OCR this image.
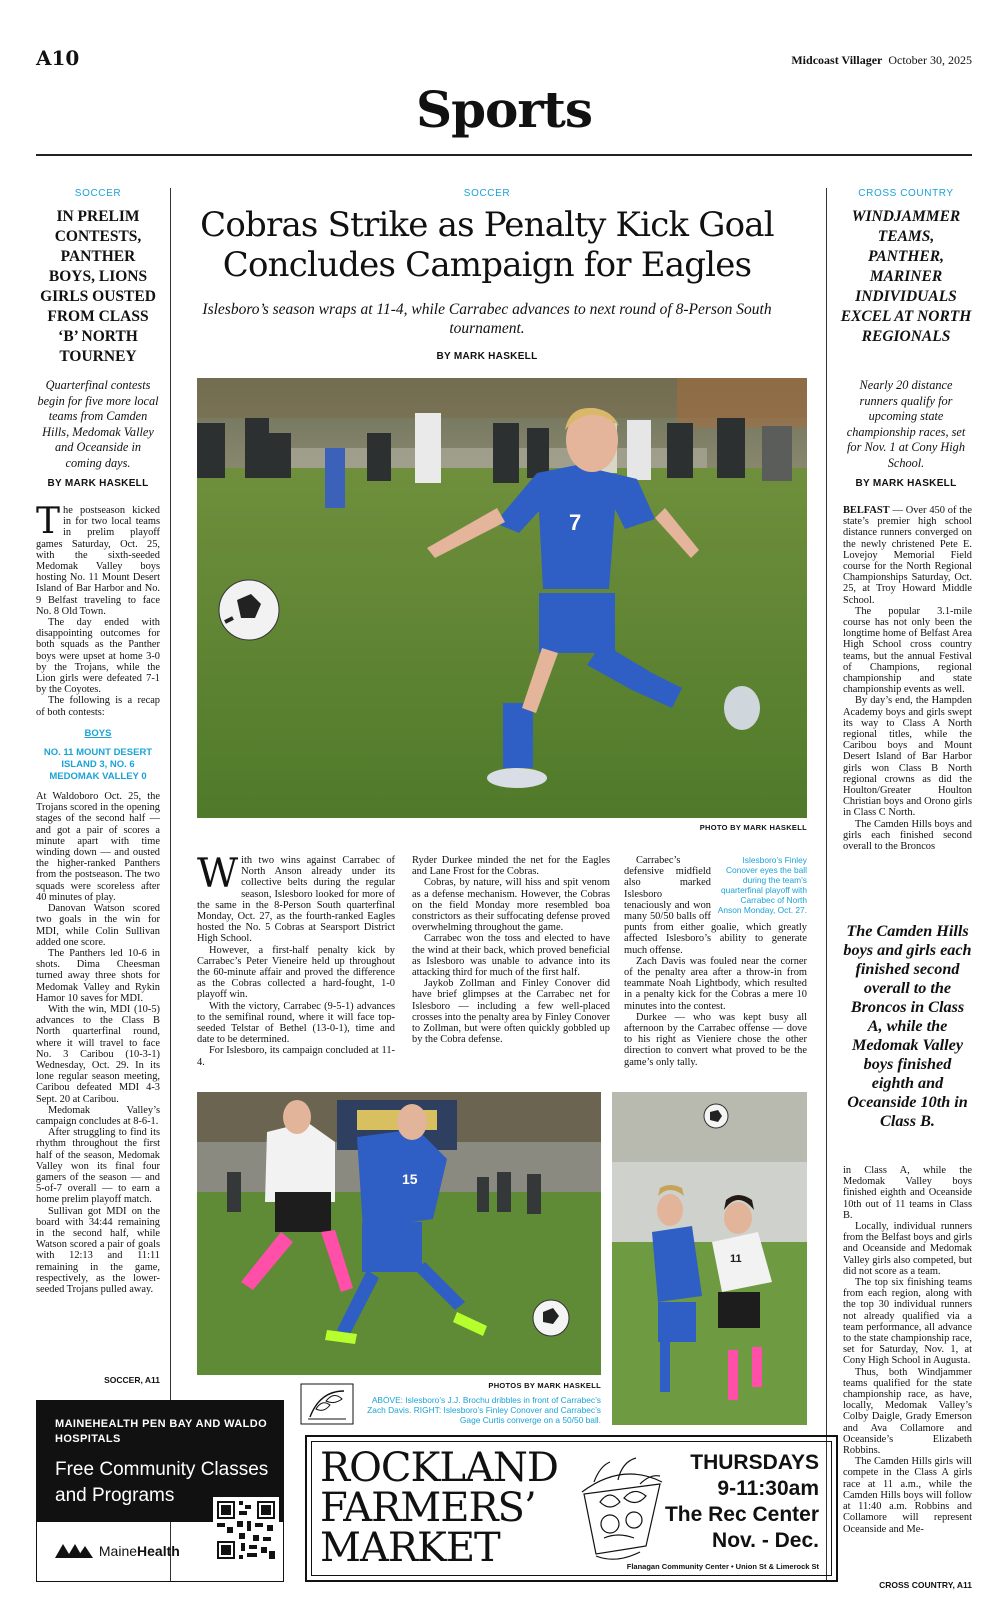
A10	Midcoast Villager October 30, 2025
Sports
SOCCER
IN PRELIM CONTESTS, PANTHER BOYS, LIONS GIRLS OUSTED FROM CLASS ‘B’ NORTH TOURNEY
Quarterfinal contests begin for five more local teams from Camden Hills, Medomak Valley and Oceanside in coming days.
BY MARK HASKELL

The postseason kicked in for two local teams in prelim playoff games Saturday, Oct. 25, with the sixth-seeded Medomak Valley boys hosting No. 11 Mount Desert Island of Bar Harbor and No. 9 Belfast traveling to face No. 8 Old Town.

The day ended with disappointing outcomes for both squads as the Panther boys were upset at home 3-0 by the Trojans, while the Lion girls were defeated 7-1 by the Coyotes.

The following is a recap of both contests:

BOYS
NO. 11 MOUNT DESERT ISLAND 3, NO. 6 MEDOMAK VALLEY 0

At Waldoboro Oct. 25, the Trojans scored in the opening stages of the second half — and got a pair of scores a minute apart with time winding down — and ousted the higher-ranked Panthers from the postseason. The two squads were scoreless after 40 minutes of play.

Danovan Watson scored two goals in the win for MDI, while Colin Sullivan added one score.

The Panthers led 10-6 in shots. Dima Cheesman turned away three shots for Medomak Valley and Rykin Hamor 10 saves for MDI.

With the win, MDI (10-5) advances to the Class B North quarterfinal round, where it will travel to face No. 3 Caribou (10-3-1) Wednesday, Oct. 29. In its lone regular season meeting, Caribou defeated MDI 4-3 Sept. 20 at Caribou.

Medomak Valley’s campaign concludes at 8-6-1.

After struggling to find its rhythm throughout the first half of the season, Medomak Valley won its final four gamers of the season — and 5-of-7 overall — to earn a home prelim playoff match.

Sullivan got MDI on the board with 34:44 remaining in the second half, while Watson scored a pair of goals with 12:13 and 11:11 remaining in the game, respectively, as the lower-seeded Trojans pulled away.

SOCCER, A11
SOCCER
Cobras Strike as Penalty Kick Goal Concludes Campaign for Eagles
Islesboro’s season wraps at 11-4, while Carrabec advances to next round of 8-Person South tournament.
BY MARK HASKELL
7
PHOTO BY MARK HASKELL

With two wins against Carrabec of North Anson already under its collective belts during the regular season, Islesboro looked for more of the same in the 8-Person South quarterfinal Monday, Oct. 27, as the fourth-ranked Eagles hosted the No. 5 Cobras at Searsport District High School.

However, a first-half penalty kick by Carrabec’s Peter Vieneire held up throughout the 60-minute affair and proved the difference as the Cobras collected a hard-fought, 1-0 playoff win.

With the victory, Carrabec (9-5-1) advances to the semifinal round, where it will face top-seeded Telstar of Bethel (13-0-1), time and date to be determined.

For Islesboro, its campaign concluded at 11-4.

Ryder Durkee minded the net for the Eagles and Lane Frost for the Cobras.

Cobras, by nature, will hiss and spit venom as a defense mechanism. However, the Cobras on the field Monday more resembled boa constrictors as their suffocating defense proved overwhelming throughout the game.

Carrabec won the toss and elected to have the wind at their back, which proved beneficial as Islesboro was unable to advance into its attacking third for much of the first half.

Jaykob Zollman and Finley Conover did have brief glimpses at the Carrabec net for Islesboro — including a few well-placed crosses into the penalty area by Finley Conover to Zollman, but were often quickly gobbled up by the Cobra defense.

Islesboro’s Finley Conover eyes the ball during the team’s quarterfinal playoff with Carrabec of North Anson Monday, Oct. 27.

Carrabec’s defensive midfield also marked Islesboro tenaciously and won many 50/50 balls off punts from either goalie, which greatly affected Islesboro’s ability to generate much offense.

Zach Davis was fouled near the corner of the penalty area after a throw-in from teammate Noah Lightbody, which resulted in a penalty kick for the Cobras a mere 10 minutes into the contest.

Durkee — who was kept busy all afternoon by the Carrabec offense — dove to his right as Vieniere chose the other direction to convert what proved to be the game’s only tally.

15
11
PHOTOS BY MARK HASKELL
ABOVE: Islesboro’s J.J. Brochu dribbles in front of Carrabec’s Zach Davis. RIGHT: Islesboro’s Finley Conover and Carrabec’s Gage Curtis converge on a 50/50 ball.
CROSS COUNTRY
WINDJAMMER TEAMS, PANTHER, MARINER INDIVIDUALS EXCEL AT NORTH REGIONALS
Nearly 20 distance runners qualify for upcoming state championship races, set for Nov. 1 at Cony High School.
BY MARK HASKELL

BELFAST — Over 450 of the state’s premier high school distance runners converged on the newly christened Pete E. Lovejoy Memorial Field course for the North Regional Championships Saturday, Oct. 25, at Troy Howard Middle School.

The popular 3.1-mile course has not only been the longtime home of Belfast Area High School cross country teams, but the annual Festival of Champions, regional championship and state championship events as well.

By day’s end, the Hampden Academy boys and girls swept its way to Class A North regional titles, while the Caribou boys and Mount Desert Island of Bar Harbor girls won Class B North regional crowns as did the Houlton/Greater Houlton Christian boys and Orono girls in Class C North.

The Camden Hills boys and girls each finished second overall to the Broncos

The Camden Hills boys and girls each finished second overall to the Broncos in Class A, while the Medomak Valley boys finished eighth and Oceanside 10th in Class B.

in Class A, while the Medomak Valley boys finished eighth and Oceanside 10th out of 11 teams in Class B.

Locally, individual runners from the Belfast boys and girls and Oceanside and Medomak Valley girls also competed, but did not score as a team.

The top six finishing teams from each region, along with the top 30 individual runners not already qualified via a team performance, all advance to the state championship race, set for Saturday, Nov. 1, at Cony High School in Augusta.

Thus, both Windjammer teams qualified for the state championship race, as have, locally, Medomak Valley’s Colby Daigle, Grady Emerson and Ava Collamore and Oceanside’s Elizabeth Robbins.

The Camden Hills girls will compete in the Class A girls race at 11 a.m., while the Camden Hills boys will follow at 11:40 a.m. Robbins and Collamore will represent Oceanside and Me-

CROSS COUNTRY, A11
MAINEHEALTH PEN BAY AND WALDO HOSPITALS
Free Community Classes and Programs
MaineHealth
ROCKLAND
FARMERS’
MARKET
THURSDAYS
9-11:30am
The Rec Center
Nov. - Dec.
Flanagan Community Center • Union St & Limerock St
